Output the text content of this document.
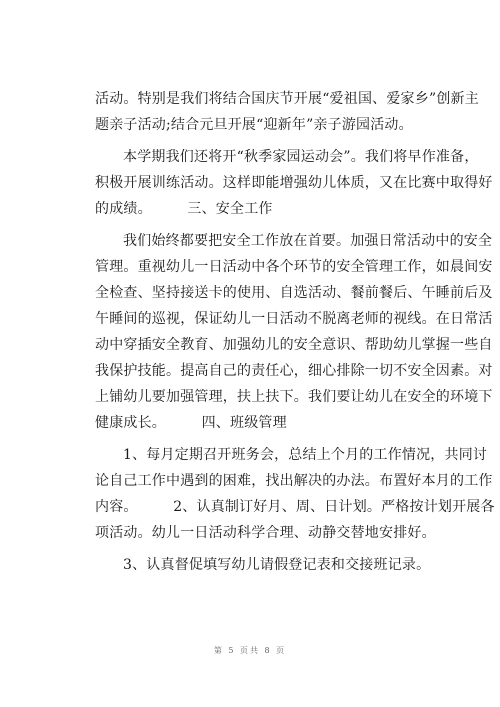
活动。特别是我们将结合国庆节开展“爱祖国、爱家乡”创新主
题亲子活动;结合元旦开展“迎新年”亲子游园活动。
本学期我们还将开“秋季家园运动会”。我们将早作准备，
积极开展训练活动。这样即能增强幼儿体质，又在比赛中取得好
的成绩。　　　三、安全工作
我们始终都要把安全工作放在首要。加强日常活动中的安全
管理。重视幼儿一日活动中各个环节的安全管理工作，如晨间安
全检查、坚持接送卡的使用、自选活动、餐前餐后、午睡前后及
午睡间的巡视，保证幼儿一日活动不脱离老师的视线。在日常活
动中穿插安全教育、加强幼儿的安全意识、帮助幼儿掌握一些自
我保护技能。提高自己的责任心，细心排除一切不安全因素。对
上铺幼儿要加强管理，扶上扶下。我们要让幼儿在安全的环境下
健康成长。　　　四、班级管理
1、每月定期召开班务会，总结上个月的工作情况，共同讨
论自己工作中遇到的困难，找出解决的办法。布置好本月的工作
内容。　　　2、认真制订好月、周、日计划。严格按计划开展各
项活动。幼儿一日活动科学合理、动静交替地安排好。
3、认真督促填写幼儿请假登记表和交接班记录。
第 5 页共 8 页
